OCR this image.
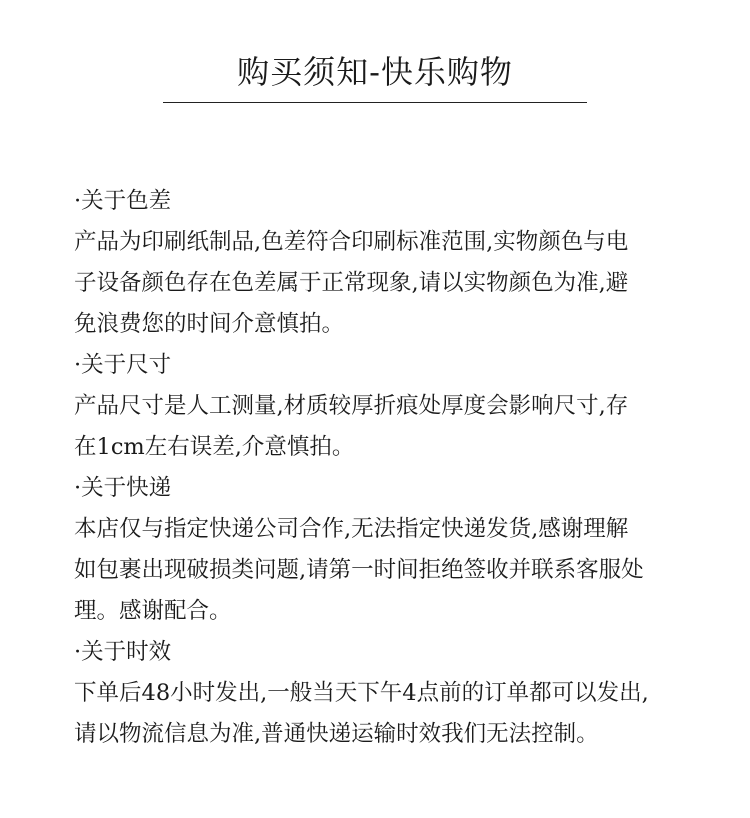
购买须知-快乐购物

·关于色差

产品为印刷纸制品,色差符合印刷标准范围,实物颜色与电

子设备颜色存在色差属于正常现象,请以实物颜色为准,避

免浪费您的时间介意慎拍。

·关于尺寸

产品尺寸是人工测量,材质较厚折痕处厚度会影响尺寸,存

在1cm左右误差,介意慎拍。

·关于快递

本店仅与指定快递公司合作,无法指定快递发货,感谢理解

如包裹出现破损类问题,请第一时间拒绝签收并联系客服处

理。感谢配合。

·关于时效

下单后48小时发出,一般当天下午4点前的订单都可以发出,

请以物流信息为准,普通快递运输时效我们无法控制。
